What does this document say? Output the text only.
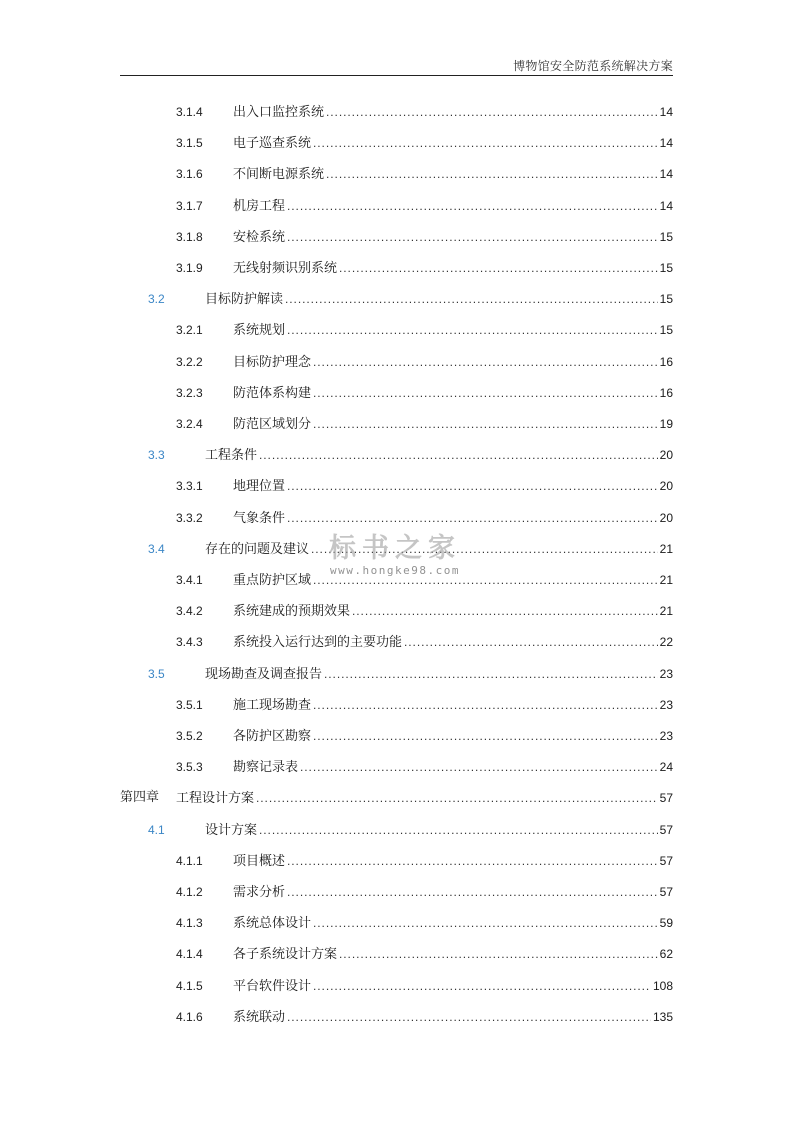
博物馆安全防范系统解决方案
3.1.4 出入口监控系统 . . .	14
3.1.5 电子巡查系统 . . .	14
3.1.6 不间断电源系统 . . .	14
3.1.7 机房工程 . . .	14
3.1.8 安检系统 . . .	15
3.1.9 无线射频识别系统 . . .	15
3.2	目标防护解读 . . .	15
3.2.1 系统规划 . . .	15
3.2.2 目标防护理念 . . .	16
3.2.3 防范体系构建 . . .	16
3.2.4 防范区域划分 . . .	19
3.3	工程条件 . . .	20
3.3.1 地理位置 . . .	20
3.3.2 气象条件 . . .	20
3.4	存在的问题及建议 . . .	21
3.4.1 重点防护区域 . . .	21
3.4.2 系统建成的预期效果 . . .	21
3.4.3 系统投入运行达到的主要功能 . . .	22
3.5	现场勘查及调查报告 . . .	23
3.5.1 施工现场勘查 . . .	23
3.5.2 各防护区勘察 . . .	23
3.5.3 勘察记录表 . . .	24
第四章 工程设计方案 . . .	57
4.1	设计方案 . . .	57
4.1.1 项目概述 . . .	57
4.1.2 需求分析 . . .	57
4.1.3 系统总体设计 . . .	59
4.1.4 各子系统设计方案 . . .	62
4.1.5 平台软件设计 . . .	108
4.1.6 系统联动 . . .	135
标书之家
www.hongke98.com
